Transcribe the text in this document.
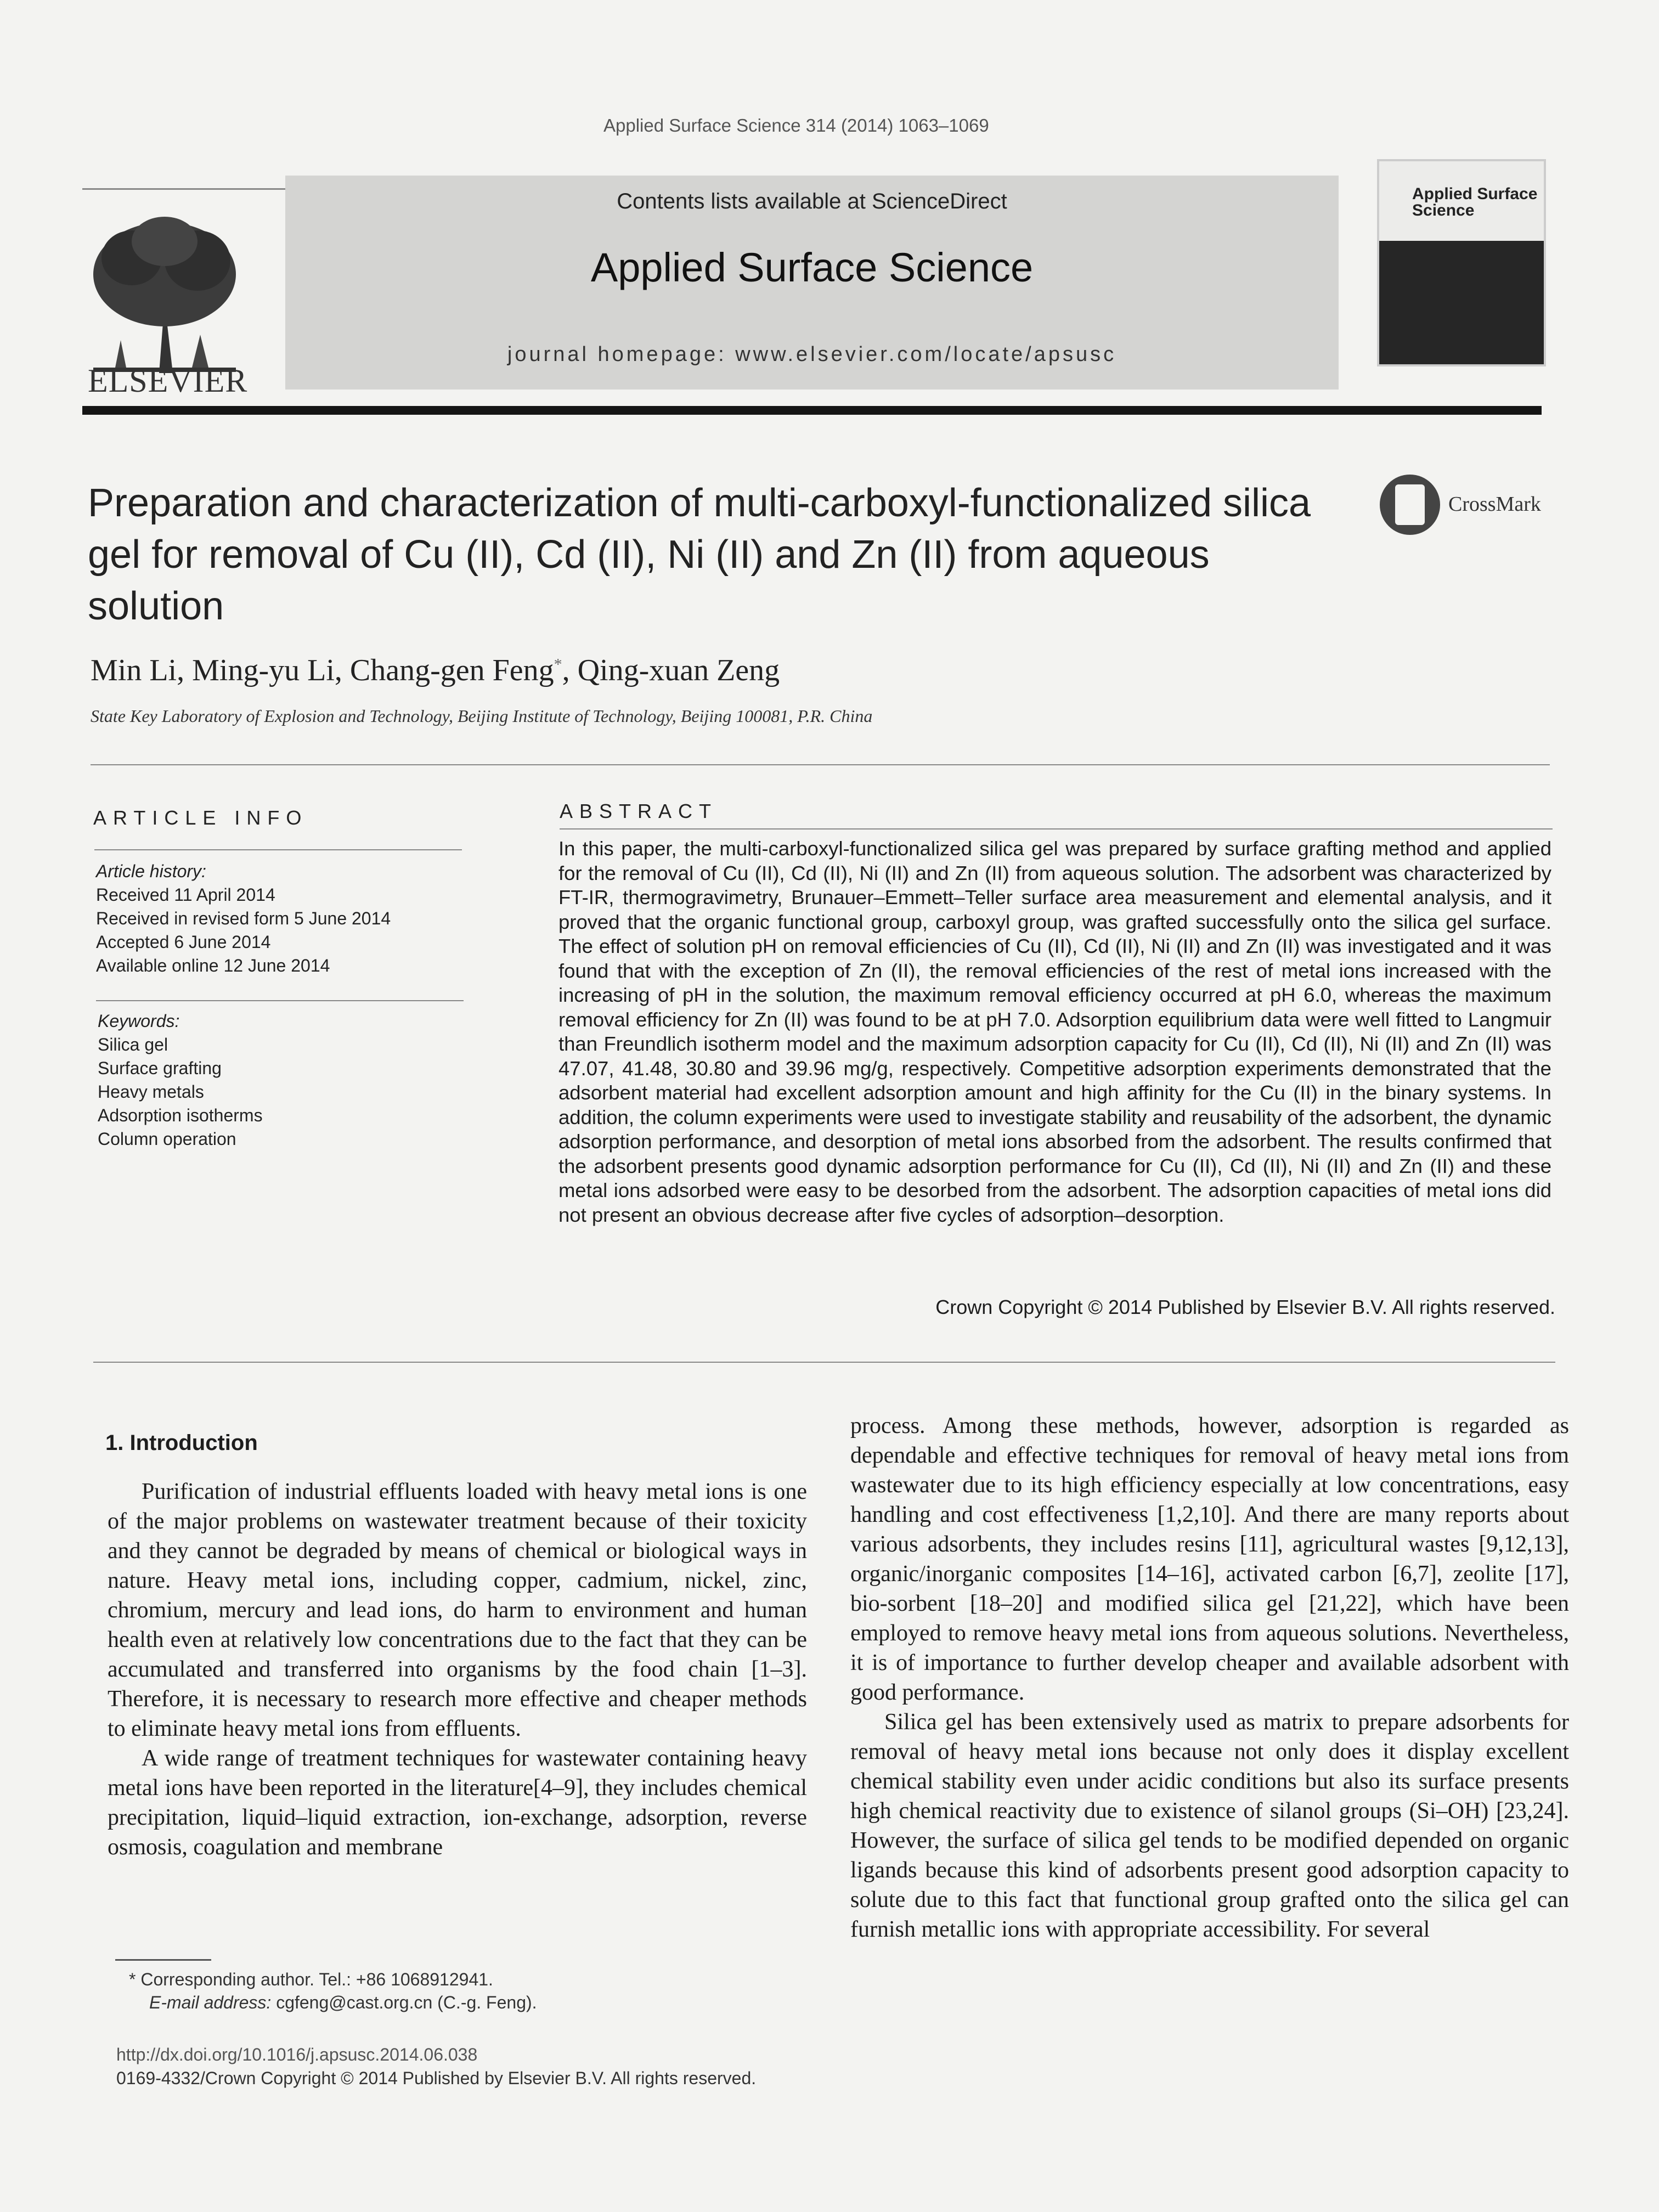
Applied Surface Science 314 (2014) 1063–1069
ELSEVIER
Contents lists available at ScienceDirect
Applied Surface Science
journal homepage: www.elsevier.com/locate/apsusc
Applied Surface Science
Preparation and characterization of multi-carboxyl-functionalized silica gel for removal of Cu (II), Cd (II), Ni (II) and Zn (II) from aqueous solution
CrossMark
Min Li, Ming-yu Li, Chang-gen Feng*, Qing-xuan Zeng
State Key Laboratory of Explosion and Technology, Beijing Institute of Technology, Beijing 100081, P.R. China
ARTICLE INFO
Article history:
Received 11 April 2014
Received in revised form 5 June 2014
Accepted 6 June 2014
Available online 12 June 2014
Keywords:
Silica gel
Surface grafting
Heavy metals
Adsorption isotherms
Column operation
ABSTRACT
In this paper, the multi-carboxyl-functionalized silica gel was prepared by surface grafting method and applied for the removal of Cu (II), Cd (II), Ni (II) and Zn (II) from aqueous solution. The adsorbent was characterized by FT-IR, thermogravimetry, Brunauer–Emmett–Teller surface area measurement and elemental analysis, and it proved that the organic functional group, carboxyl group, was grafted successfully onto the silica gel surface. The effect of solution pH on removal efficiencies of Cu (II), Cd (II), Ni (II) and Zn (II) was investigated and it was found that with the exception of Zn (II), the removal efficiencies of the rest of metal ions increased with the increasing of pH in the solution, the maximum removal efficiency occurred at pH 6.0, whereas the maximum removal efficiency for Zn (II) was found to be at pH 7.0. Adsorption equilibrium data were well fitted to Langmuir than Freundlich isotherm model and the maximum adsorption capacity for Cu (II), Cd (II), Ni (II) and Zn (II) was 47.07, 41.48, 30.80 and 39.96 mg/g, respectively. Competitive adsorption experiments demonstrated that the adsorbent material had excellent adsorption amount and high affinity for the Cu (II) in the binary systems. In addition, the column experiments were used to investigate stability and reusability of the adsorbent, the dynamic adsorption performance, and desorption of metal ions absorbed from the adsorbent. The results confirmed that the adsorbent presents good dynamic adsorption performance for Cu (II), Cd (II), Ni (II) and Zn (II) and these metal ions adsorbed were easy to be desorbed from the adsorbent. The adsorption capacities of metal ions did not present an obvious decrease after five cycles of adsorption–desorption.
Crown Copyright © 2014 Published by Elsevier B.V. All rights reserved.
1. Introduction

Purification of industrial effluents loaded with heavy metal ions is one of the major problems on wastewater treatment because of their toxicity and they cannot be degraded by means of chemical or biological ways in nature. Heavy metal ions, including copper, cadmium, nickel, zinc, chromium, mercury and lead ions, do harm to environment and human health even at relatively low concentrations due to the fact that they can be accumulated and transferred into organisms by the food chain [1–3]. Therefore, it is necessary to research more effective and cheaper methods to eliminate heavy metal ions from effluents.

A wide range of treatment techniques for wastewater containing heavy metal ions have been reported in the literature[4–9], they includes chemical precipitation, liquid–liquid extraction, ion-exchange, adsorption, reverse osmosis, coagulation and membrane

process. Among these methods, however, adsorption is regarded as dependable and effective techniques for removal of heavy metal ions from wastewater due to its high efficiency especially at low concentrations, easy handling and cost effectiveness [1,2,10]. And there are many reports about various adsorbents, they includes resins [11], agricultural wastes [9,12,13], organic/inorganic composites [14–16], activated carbon [6,7], zeolite [17], bio-sorbent [18–20] and modified silica gel [21,22], which have been employed to remove heavy metal ions from aqueous solutions. Nevertheless, it is of importance to further develop cheaper and available adsorbent with good performance.

Silica gel has been extensively used as matrix to prepare adsorbents for removal of heavy metal ions because not only does it display excellent chemical stability even under acidic conditions but also its surface presents high chemical reactivity due to existence of silanol groups (Si–OH) [23,24]. However, the surface of silica gel tends to be modified depended on organic ligands because this kind of adsorbents present good adsorption capacity to solute due to this fact that functional group grafted onto the silica gel can furnish metallic ions with appropriate accessibility. For several

* Corresponding author. Tel.: +86 1068912941.
E-mail address: cgfeng@cast.org.cn (C.-g. Feng).
http://dx.doi.org/10.1016/j.apsusc.2014.06.038
0169-4332/Crown Copyright © 2014 Published by Elsevier B.V. All rights reserved.
